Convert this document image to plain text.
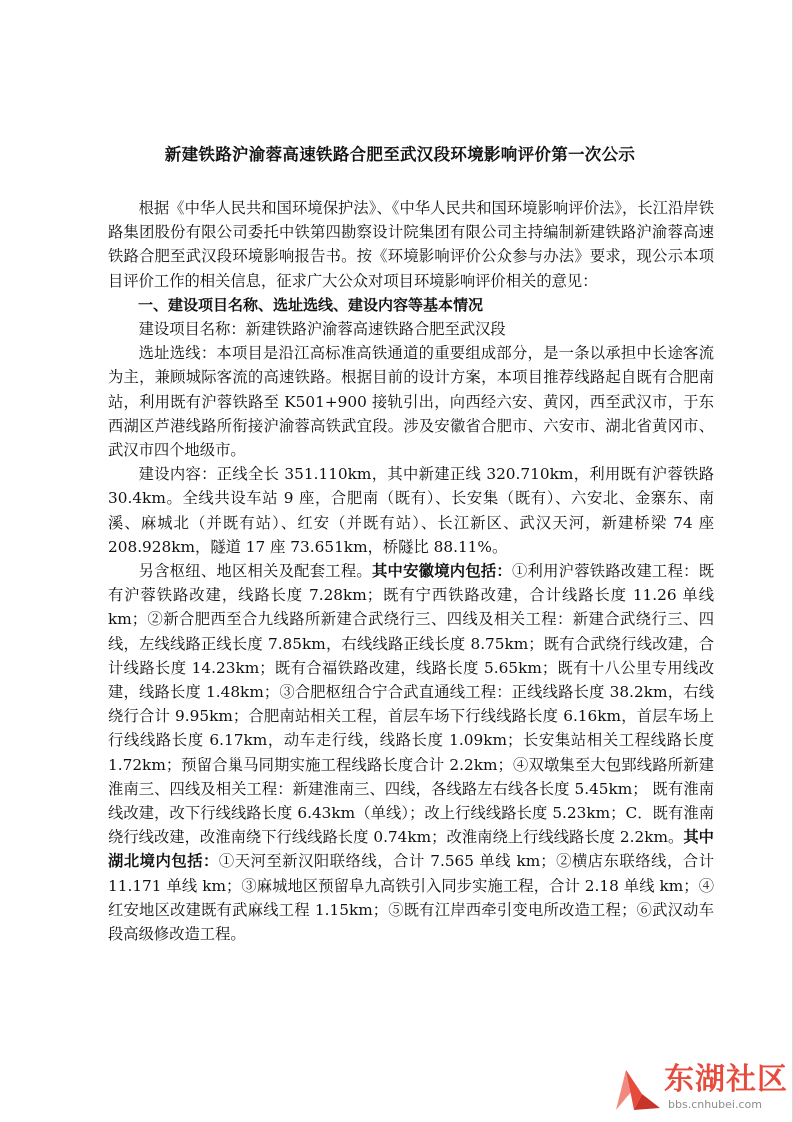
新建铁路沪渝蓉高速铁路合肥至武汉段环境影响评价第一次公示

根据《中华人民共和国环境保护法》、《中华人民共和国环境影响评价法》，长江沿岸铁路集团股份有限公司委托中铁第四勘察设计院集团有限公司主持编制新建铁路沪渝蓉高速铁路合肥至武汉段环境影响报告书。按《环境影响评价公众参与办法》要求，现公示本项目评价工作的相关信息，征求广大公众对项目环境影响评价相关的意见：

一、建设项目名称、选址选线、建设内容等基本情况

建设项目名称：新建铁路沪渝蓉高速铁路合肥至武汉段

选址选线：本项目是沿江高标准高铁通道的重要组成部分，是一条以承担中长途客流为主，兼顾城际客流的高速铁路。根据目前的设计方案，本项目推荐线路起自既有合肥南站，利用既有沪蓉铁路至 K501+900 接轨引出，向西经六安、黄冈，西至武汉市，于东西湖区芦港线路所衔接沪渝蓉高铁武宜段。涉及安徽省合肥市、六安市、湖北省黄冈市、武汉市四个地级市。

建设内容：正线全长 351.110km，其中新建正线 320.710km，利用既有沪蓉铁路 30.4km。全线共设车站 9 座，合肥南（既有）、长安集（既有）、六安北、金寨东、南溪、麻城北（并既有站）、红安（并既有站）、长江新区、武汉天河，新建桥梁 74 座 208.928km，隧道 17 座 73.651km，桥隧比 88.11%。

另含枢纽、地区相关及配套工程。其中安徽境内包括：①利用沪蓉铁路改建工程：既有沪蓉铁路改建，线路长度 7.28km；既有宁西铁路改建，合计线路长度 11.26 单线 km；②新合肥西至合九线路所新建合武绕行三、四线及相关工程：新建合武绕行三、四线，左线线路正线长度 7.85km，右线线路正线长度 8.75km；既有合武绕行线改建，合计线路长度 14.23km；既有合福铁路改建，线路长度 5.65km；既有十八公里专用线改建，线路长度 1.48km；③合肥枢纽合宁合武直通线工程：正线线路长度 38.2km，右线绕行合计 9.95km；合肥南站相关工程，首层车场下行线线路长度 6.16km，首层车场上行线线路长度 6.17km，动车走行线，线路长度 1.09km；长安集站相关工程线路长度 1.72km；预留合巢马同期实施工程线路长度合计 2.2km；④双墩集至大包郢线路所新建淮南三、四线及相关工程：新建淮南三、四线，各线路左右线各长度 5.45km； 既有淮南线改建，改下行线线路长度 6.43km（单线）；改上行线线路长度 5.23km；C．既有淮南绕行线改建，改淮南绕下行线线路长度 0.74km；改淮南绕上行线线路长度 2.2km。其中湖北境内包括：①天河至新汉阳联络线，合计 7.565 单线 km；②横店东联络线，合计 11.171 单线 km；③麻城地区预留阜九高铁引入同步实施工程，合计 2.18 单线 km；④红安地区改建既有武麻线工程 1.15km；⑤既有江岸西牵引变电所改造工程；⑥武汉动车段高级修改造工程。

东湖社区
bbs.cnhubei.com
